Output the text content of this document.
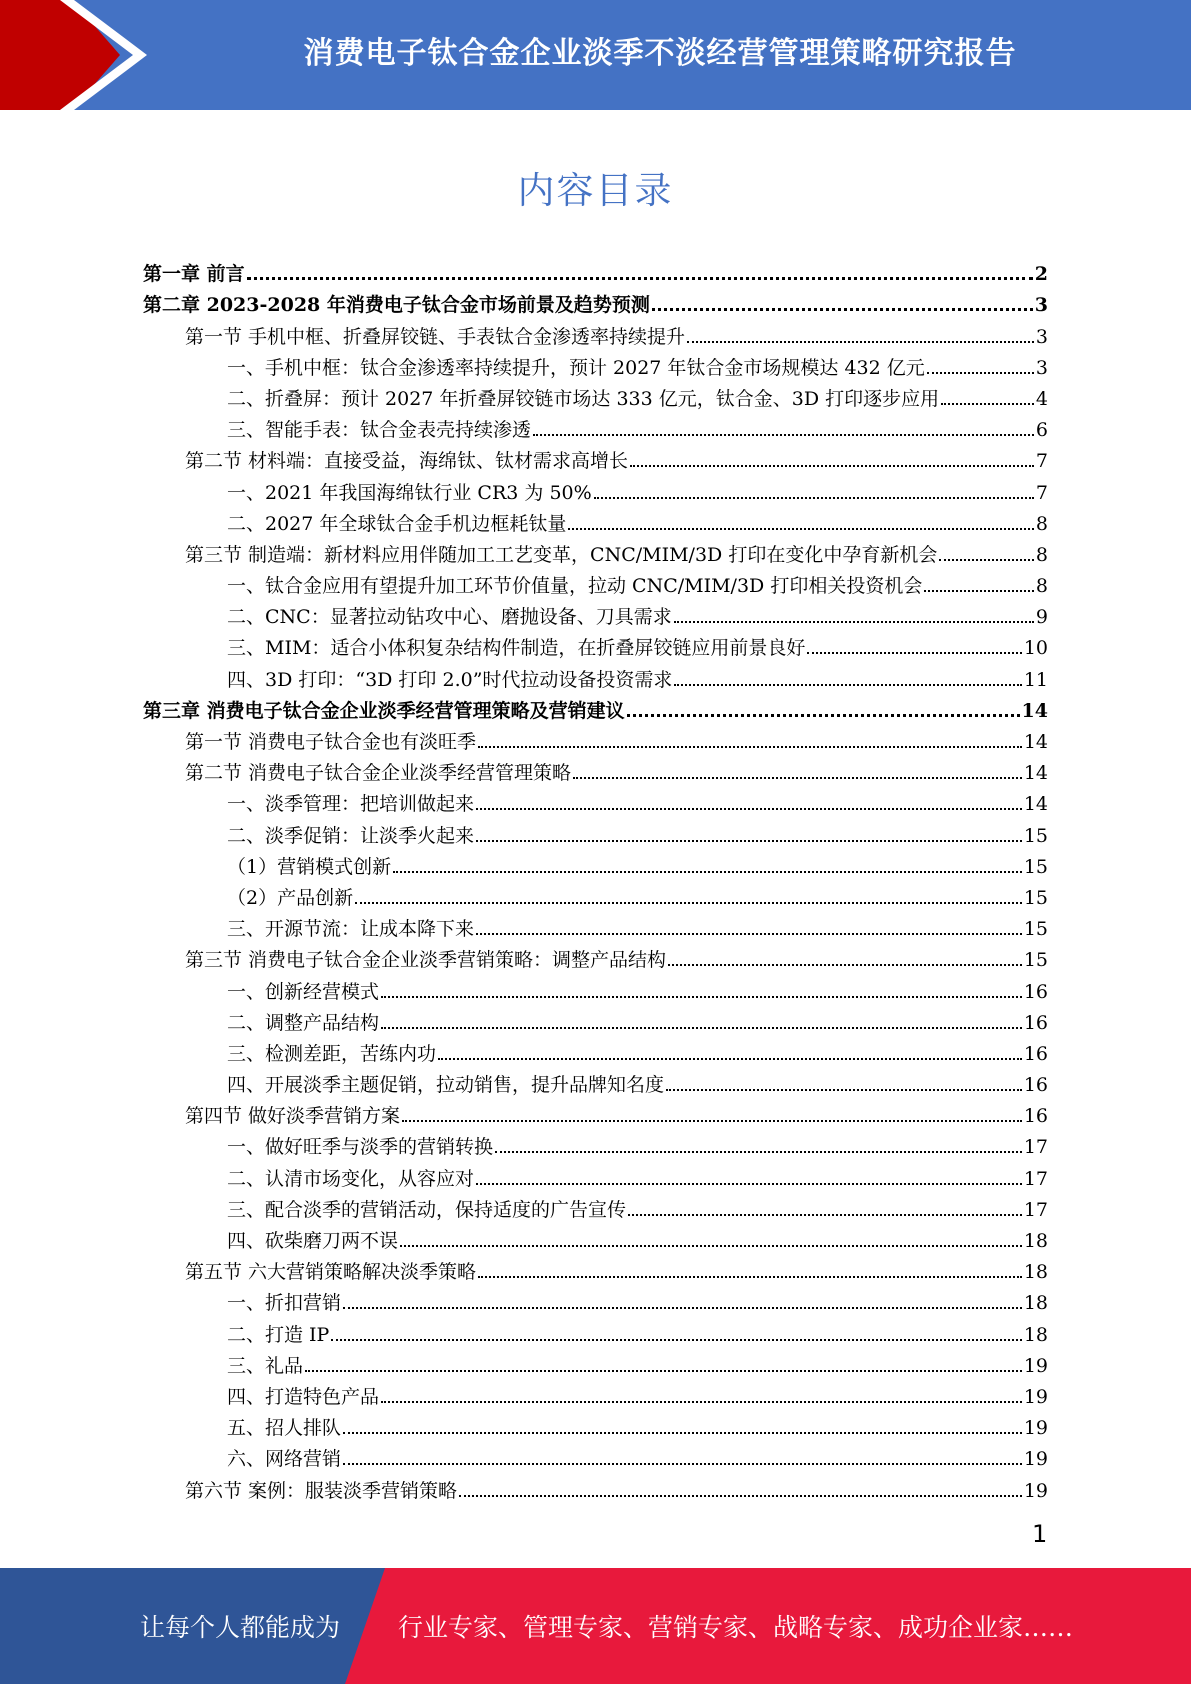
消费电子钛合金企业淡季不淡经营管理策略研究报告
内容目录
第一章 前言	2
第二章 2023-2028 年消费电子钛合金市场前景及趋势预测	3
第一节 手机中框、折叠屏铰链、手表钛合金渗透率持续提升	3
一、手机中框：钛合金渗透率持续提升，预计 2027 年钛合金市场规模达 432 亿元	3
二、折叠屏：预计 2027 年折叠屏铰链市场达 333 亿元，钛合金、3D 打印逐步应用	4
三、智能手表：钛合金表壳持续渗透	6
第二节 材料端：直接受益，海绵钛、钛材需求高增长	7
一、2021 年我国海绵钛行业 CR3 为 50%	7
二、2027 年全球钛合金手机边框耗钛量	8
第三节 制造端：新材料应用伴随加工工艺变革，CNC/MIM/3D 打印在变化中孕育新机会	8
一、钛合金应用有望提升加工环节价值量，拉动 CNC/MIM/3D 打印相关投资机会	8
二、CNC：显著拉动钻攻中心、磨抛设备、刀具需求	9
三、MIM：适合小体积复杂结构件制造，在折叠屏铰链应用前景良好	10
四、3D 打印：“3D 打印 2.0”时代拉动设备投资需求	11
第三章 消费电子钛合金企业淡季经营管理策略及营销建议	14
第一节 消费电子钛合金也有淡旺季	14
第二节 消费电子钛合金企业淡季经营管理策略	14
一、淡季管理：把培训做起来	14
二、淡季促销：让淡季火起来	15
（1）营销模式创新	15
（2）产品创新	15
三、开源节流：让成本降下来	15
第三节 消费电子钛合金企业淡季营销策略：调整产品结构	15
一、创新经营模式	16
二、调整产品结构	16
三、检测差距，苦练内功	16
四、开展淡季主题促销，拉动销售，提升品牌知名度	16
第四节 做好淡季营销方案	16
一、做好旺季与淡季的营销转换	17
二、认清市场变化，从容应对	17
三、配合淡季的营销活动，保持适度的广告宣传	17
四、砍柴磨刀两不误	18
第五节 六大营销策略解决淡季策略	18
一、折扣营销	18
二、打造 IP	18
三、礼品	19
四、打造特色产品	19
五、招人排队	19
六、网络营销	19
第六节 案例：服装淡季营销策略	19
1
让每个人都能成为 行业专家、管理专家、营销专家、战略专家、成功企业家……
